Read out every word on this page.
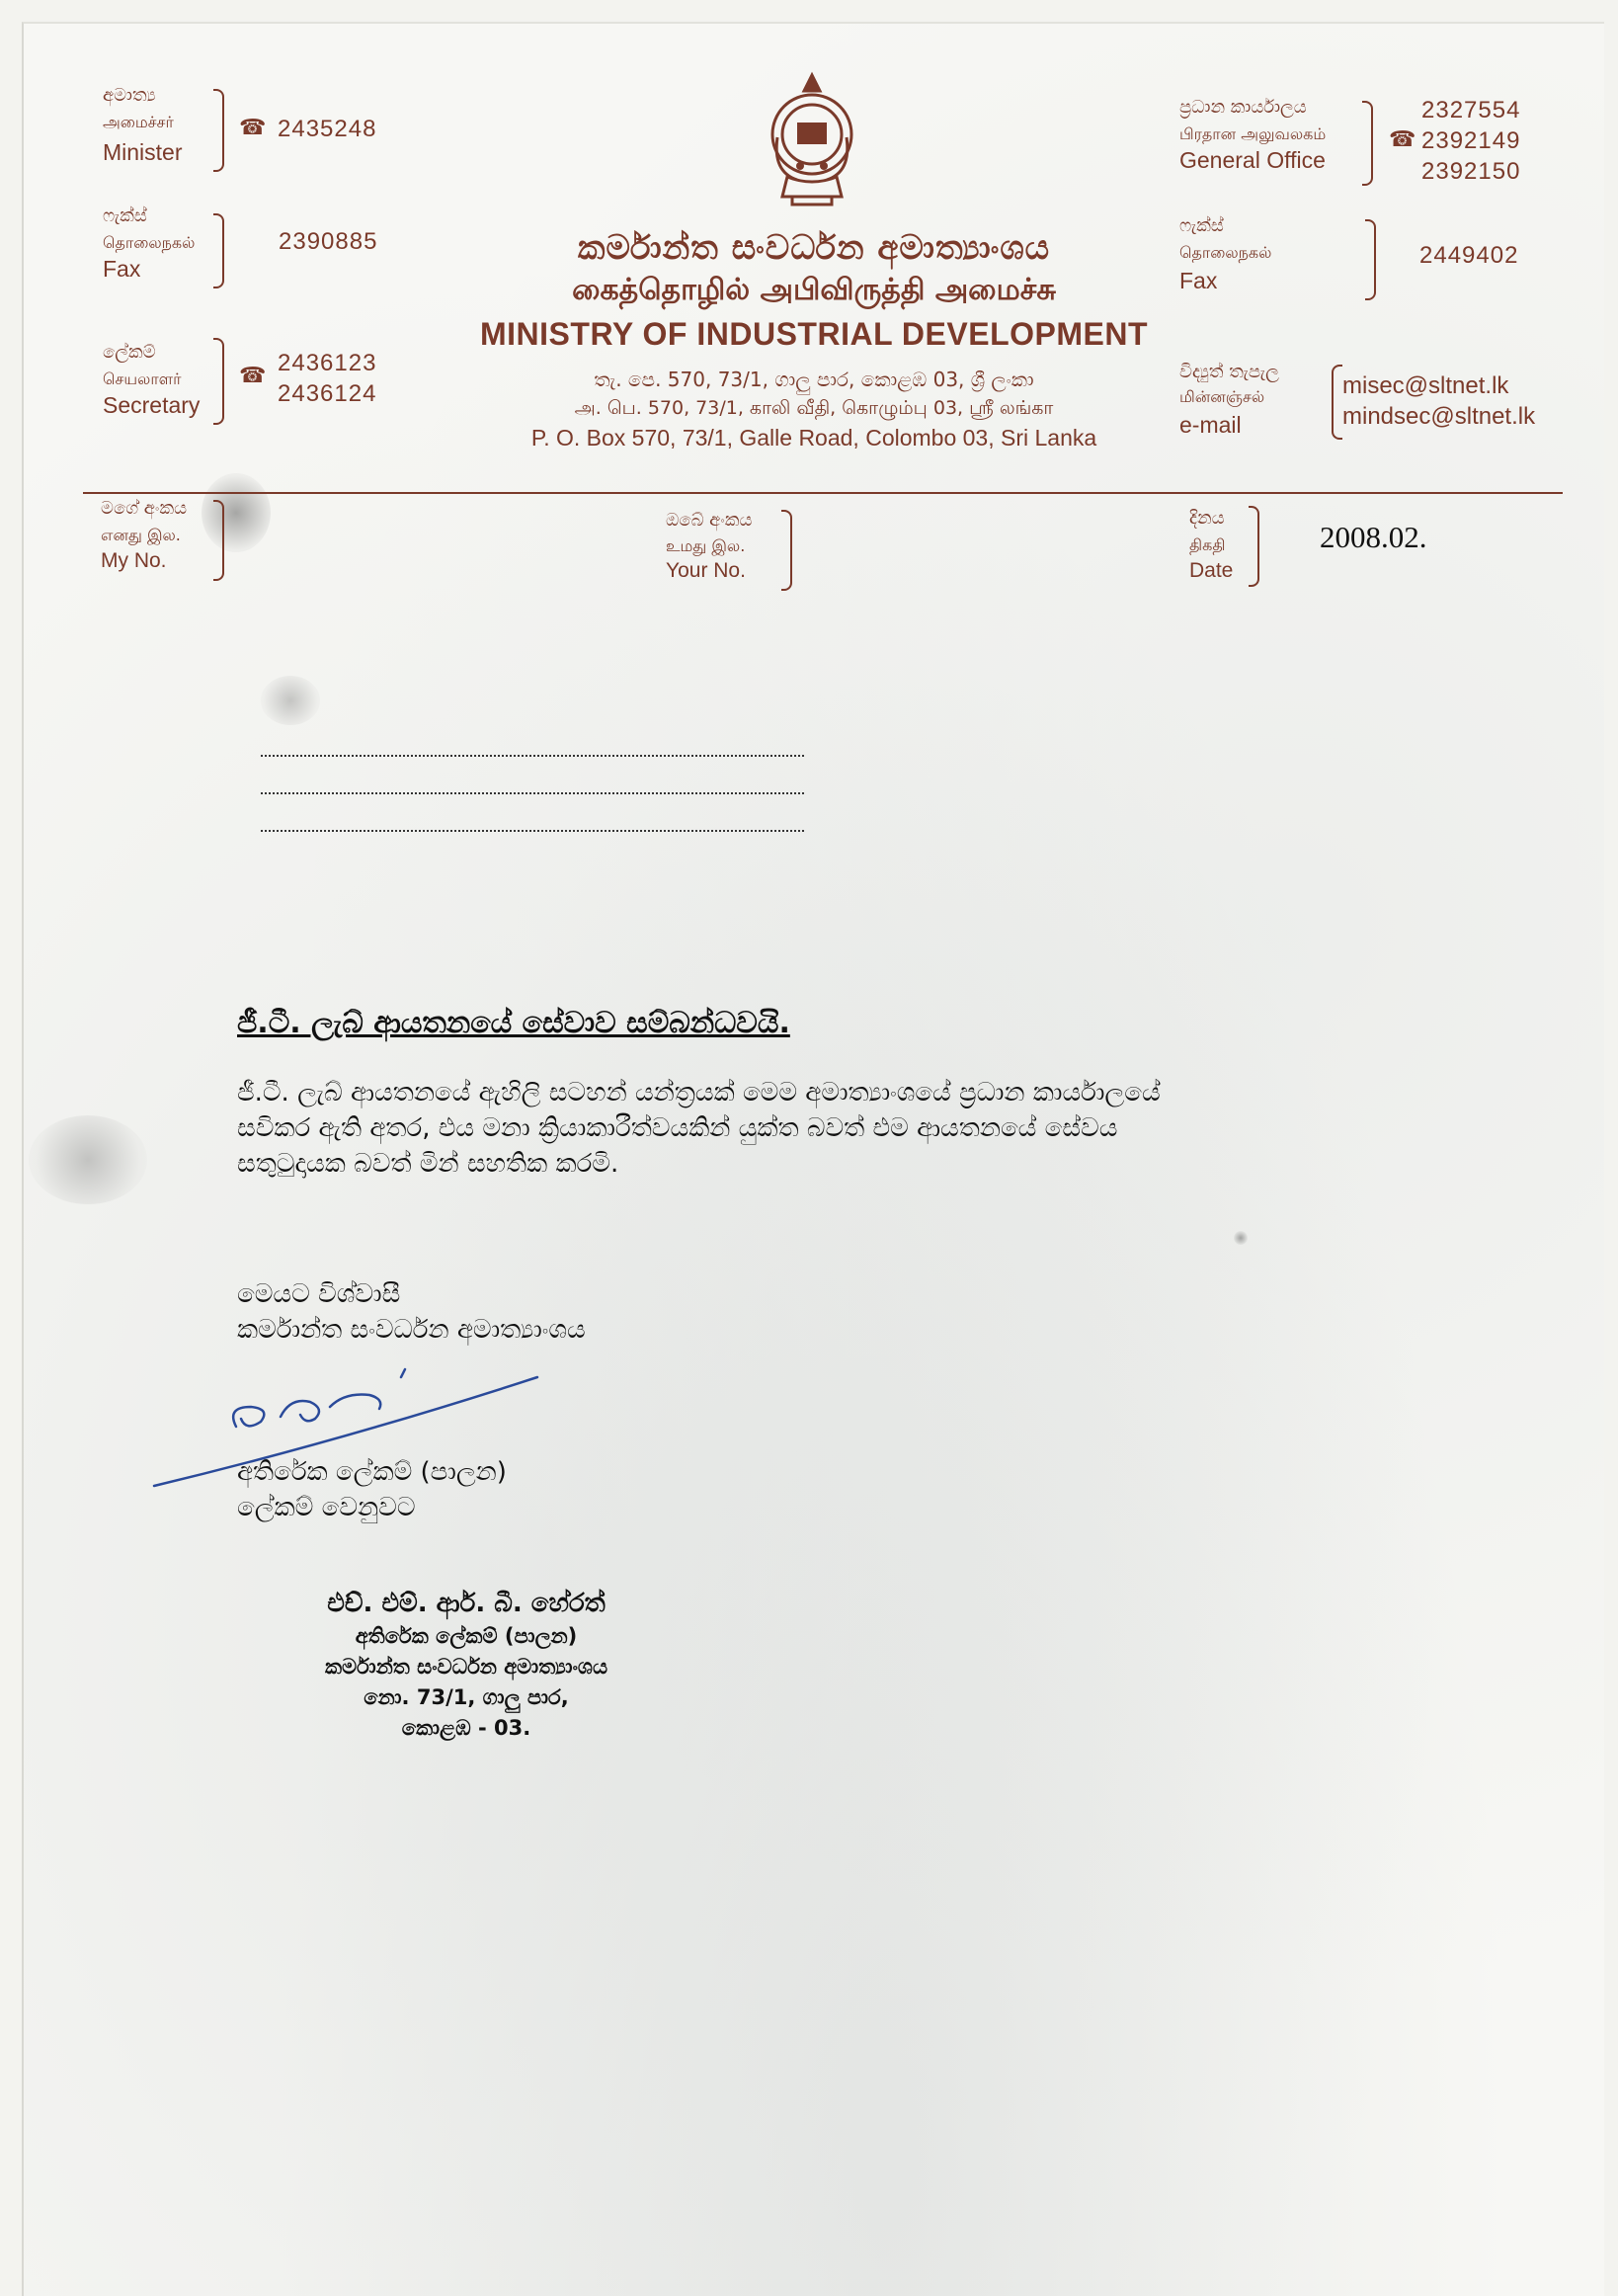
අමාත්‍ය
அமைச்சர்
Minister
☎ 2435248
ෆැක්ස්
தொலைநகல்
Fax
2390885
ලේකම්
செயலாளர்
Secretary
☎ 2436123
2436124
කර්මාන්ත සංවර්ධන අමාත්‍යාංශය
கைத்தொழில் அபிவிருத்தி அமைச்சு
MINISTRY OF INDUSTRIAL DEVELOPMENT
තැ. පෙ. 570, 73/1, ගාලු පාර, කොළඹ 03, ශ්‍රී ලංකා
அ. பெ. 570, 73/1, காலி வீதி, கொழும்பு 03, ஸ்ரீ லங்கா
P. O. Box 570, 73/1, Galle Road, Colombo 03, Sri Lanka
ප්‍රධාන කාර්යාලය
பிரதான அலுவலகம்
General Office
☎
2327554
2392149
2392150
ෆැක්ස්
தொலைநகல்
Fax
2449402
විද්‍යුත් තැපැල
மின்னஞ்சல்
e-mail
misec@sltnet.lk
mindsec@sltnet.lk
මගේ අංකය
எனது இல.
My No.
ඔබේ අංකය
உமது இல.
Your No.
දිනය
திகதி
Date
2008.02.
ජී.ටී. ලැබ් ආයතනයේ සේවාව සම්බන්ධවයි.
ජී.ටී. ලැබ් ආයතනයේ ඇහිලි සටහන් යන්ත්‍රයක් මෙම අමාත්‍යාංශයේ ප්‍රධාන කාර්යාලයේ
සවිකර ඇති අතර, එය මනා ක්‍රියාකාරීත්වයකින් යුක්ත බවත් එම ආයතනයේ සේවය
සතුටුදායක බවත් මින් සහතික කරමි.
මෙයට විශ්වාසී
කර්මාන්ත සංවර්ධන අමාත්‍යාංශය
අතිරේක ලේකම් (පාලන)
ලේකම් වෙනුවට
එච්. එම්. ආර්. බී. හේරත්
අතිරේක ලේකම් (පාලන)
කර්මාන්ත සංවර්ධන අමාත්‍යාංශය
නො. 73/1, ගාලු පාර,
කොළඹ - 03.
